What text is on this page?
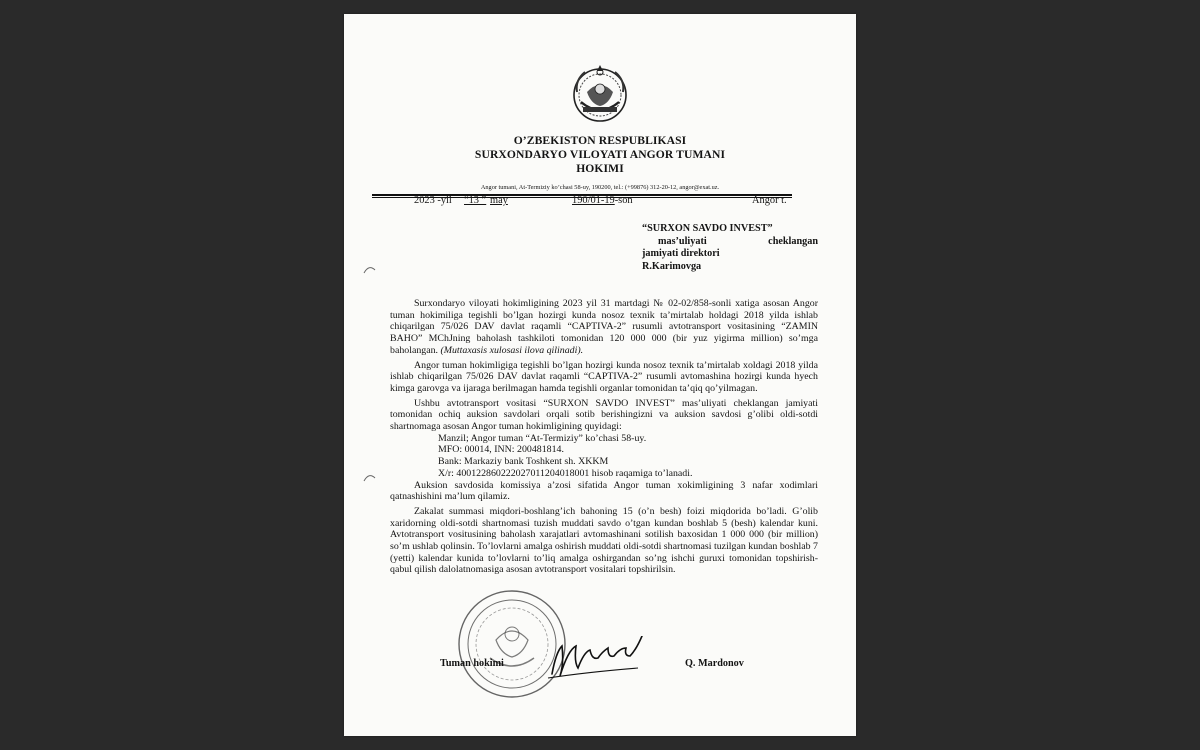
O’ZBEKISTON RESPUBLIKASI
SURXONDARYO VILOYATI ANGOR TUMANI
HOKIMI
Angor tumani, At-Termiziy ko’chasi 58-uy, 190200, tel.: (+99876) 312-20-12, angor@exat.uz.
2023 -yil “13 ” may	190/01-19-son	Angor t.
“SURXON SAVDO INVEST”
mas’uliyati	cheklangan
jamiyati direktori
R.Karimovga

Surxondaryo viloyati hokimligining 2023 yil 31 martdagi № 02-02/858-sonli xatiga asosan Angor tuman hokimiliga tegishli bo’lgan hozirgi kunda nosoz texnik ta’mirtalab holdagi 2018 yilda ishlab chiqarilgan 75/026 DAV davlat raqamli “CAPTIVA-2” rusumli avtotransport vositasining “ZAMIN BAHO” MChJning baholash tashkiloti tomonidan 120 000 000 (bir yuz yigirma million) so’mga baholangan. (Muttaxasis xulosasi ilova qilinadi).

Angor tuman hokimligiga tegishli bo’lgan hozirgi kunda nosoz texnik ta’mirtalab xoldagi 2018 yilda ishlab chiqarilgan 75/026 DAV davlat raqamli “CAPTIVA-2” rusumli avtomashina hozirgi kunda hyech kimga garovga va ijaraga berilmagan hamda tegishli organlar tomonidan ta’qiq qo’yilmagan.

Ushbu avtotransport vositasi “SURXON SAVDO INVEST” mas’uliyati cheklangan jamiyati tomonidan ochiq auksion savdolari orqali sotib berishingizni va auksion savdosi g’olibi oldi-sotdi shartnomaga asosan Angor tuman hokimligining quyidagi:

Manzil; Angor tuman “At-Termiziy” ko’chasi 58-uy.

MFO: 00014, INN: 200481814.

Bank: Markaziy bank Toshkent sh. XKKM

X/r: 400122860222027011204018001 hisob raqamiga to’lanadi.

Auksion savdosida komissiya a’zosi sifatida Angor tuman xokimligining 3 nafar xodimlari qatnashishini ma’lum qilamiz.

Zakalat summasi miqdori-boshlang’ich bahoning 15 (o’n besh) foizi miqdorida bo’ladi. G’olib xaridorning oldi-sotdi shartnomasi tuzish muddati savdo o’tgan kundan boshlab 5 (besh) kalendar kuni. Avtotransport vositusining baholash xarajatlari avtomashinani sotilish baxosidan 1 000 000 (bir million) so’m ushlab qolinsin. To’lovlarni amalga oshirish muddati oldi-sotdi shartnomasi tuzilgan kundan boshlab 7 (yetti) kalendar kunida to’lovlarni to’liq amalga oshirgandan so’ng ishchi guruxi tomonidan topshirish-qabul qilish dalolatnomasiga asosan avtotransport vositalari topshirilsin.

Tuman hokimi	Q. Mardonov
